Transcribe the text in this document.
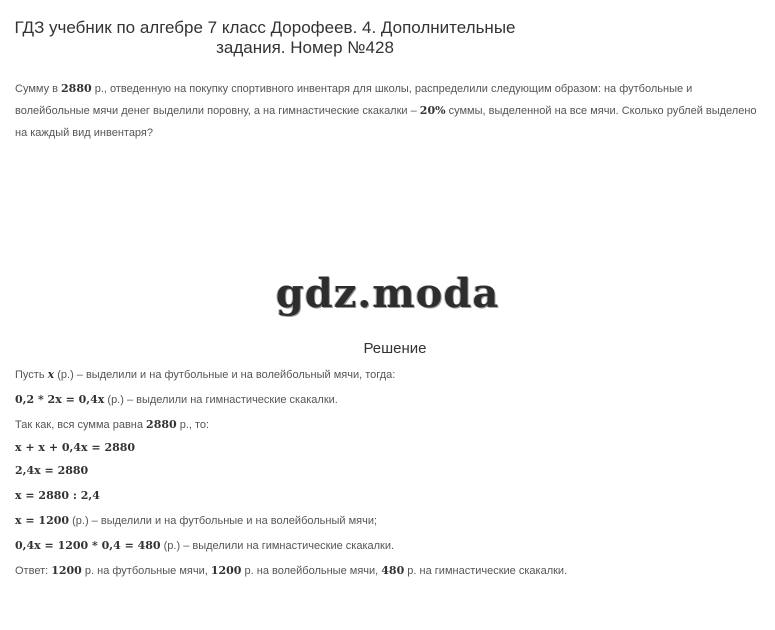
ГДЗ учебник по алгебре 7 класс Дорофеев. 4. Дополнительные
задания. Номер №428
Сумму в 2880 р., отведенную на покупку спортивного инвентаря для школы, распределили следующим образом: на футбольные и волейбольные мячи денег выделили поровну, а на гимнастические скакалки – 20% суммы, выделенной на все мячи. Сколько рублей выделено на каждый вид инвентаря?
gdz.moda
Решение
Пусть x (р.) – выделили и на футбольные и на волейбольный мячи, тогда:
0,2 * 2x = 0,4x (р.) – выделили на гимнастические скакалки.
Так как, вся сумма равна 2880 р., то:
x + x + 0,4x = 2880
2,4x = 2880
x = 2880 : 2,4
x = 1200 (р.) – выделили и на футбольные и на волейбольный мячи;
0,4x = 1200 * 0,4 = 480 (р.) – выделили на гимнастические скакалки.
Ответ: 1200 р. на футбольные мячи, 1200 р. на волейбольные мячи, 480 р. на гимнастические скакалки.
